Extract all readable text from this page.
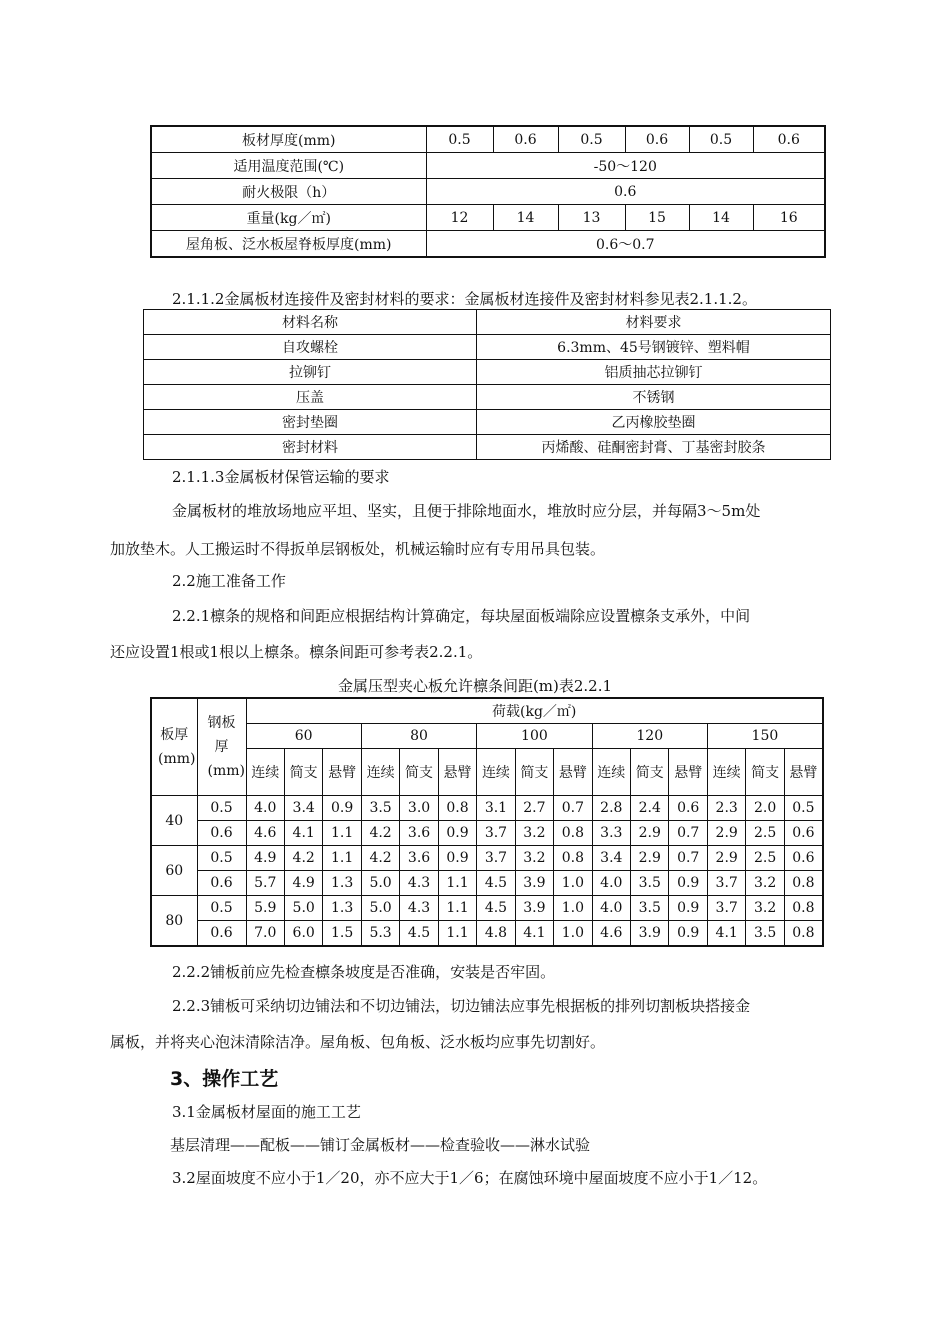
板材厚度(mm)	0.5	0.6	0.5	0.6	0.5	0.6
适用温度范围(℃)	-50～120					
耐火极限（h）	0.6					
重量(kg／㎡)	12	14	13	15	14	16
屋角板、泛水板屋脊板厚度(mm)	0.6～0.7					
2.1.1.2金属板材连接件及密封材料的要求：金属板材连接件及密封材料参见表2.1.1.2。
材料名称	材料要求
自攻螺栓	6.3mm、45号钢镀锌、塑料帽
拉铆钉	铝质抽芯拉铆钉
压盖	不锈钢
密封垫圈	乙丙橡胶垫圈
密封材料	丙烯酸、硅酮密封膏、丁基密封胶条
2.1.1.3金属板材保管运输的要求
金属板材的堆放场地应平坦、坚实，且便于排除地面水，堆放时应分层，并每隔3～5m处
加放垫木。人工搬运时不得扳单层钢板处，机械运输时应有专用吊具包装。
2.2施工准备工作
2.2.1檩条的规格和间距应根据结构计算确定，每块屋面板端除应设置檩条支承外，中间
还应设置1根或1根以上檩条。檩条间距可参考表2.2.1。
金属压型夹心板允许檩条间距(m)表2.2.1
板厚(mm)	钢板厚(mm)	荷载(kg／㎡)														
		60			80			100			120			150		
		连续	简支	悬臂	连续	简支	悬臂	连续	简支	悬臂	连续	简支	悬臂	连续	简支	悬臂
40	0.5	4.0	3.4	0.9	3.5	3.0	0.8	3.1	2.7	0.7	2.8	2.4	0.6	2.3	2.0	0.5
	0.6	4.6	4.1	1.1	4.2	3.6	0.9	3.7	3.2	0.8	3.3	2.9	0.7	2.9	2.5	0.6
60	0.5	4.9	4.2	1.1	4.2	3.6	0.9	3.7	3.2	0.8	3.4	2.9	0.7	2.9	2.5	0.6
	0.6	5.7	4.9	1.3	5.0	4.3	1.1	4.5	3.9	1.0	4.0	3.5	0.9	3.7	3.2	0.8
80	0.5	5.9	5.0	1.3	5.0	4.3	1.1	4.5	3.9	1.0	4.0	3.5	0.9	3.7	3.2	0.8
	0.6	7.0	6.0	1.5	5.3	4.5	1.1	4.8	4.1	1.0	4.6	3.9	0.9	4.1	3.5	0.8
2.2.2铺板前应先检查檩条坡度是否准确，安装是否牢固。
2.2.3铺板可采纳切边铺法和不切边铺法，切边铺法应事先根据板的排列切割板块搭接金
属板，并将夹心泡沫清除洁净。屋角板、包角板、泛水板均应事先切割好。
3、操作工艺
3.1金属板材屋面的施工工艺
基层清理——配板——铺订金属板材——检查验收——淋水试验
3.2屋面坡度不应小于1／20，亦不应大于1／6；在腐蚀环境中屋面坡度不应小于1／12。
